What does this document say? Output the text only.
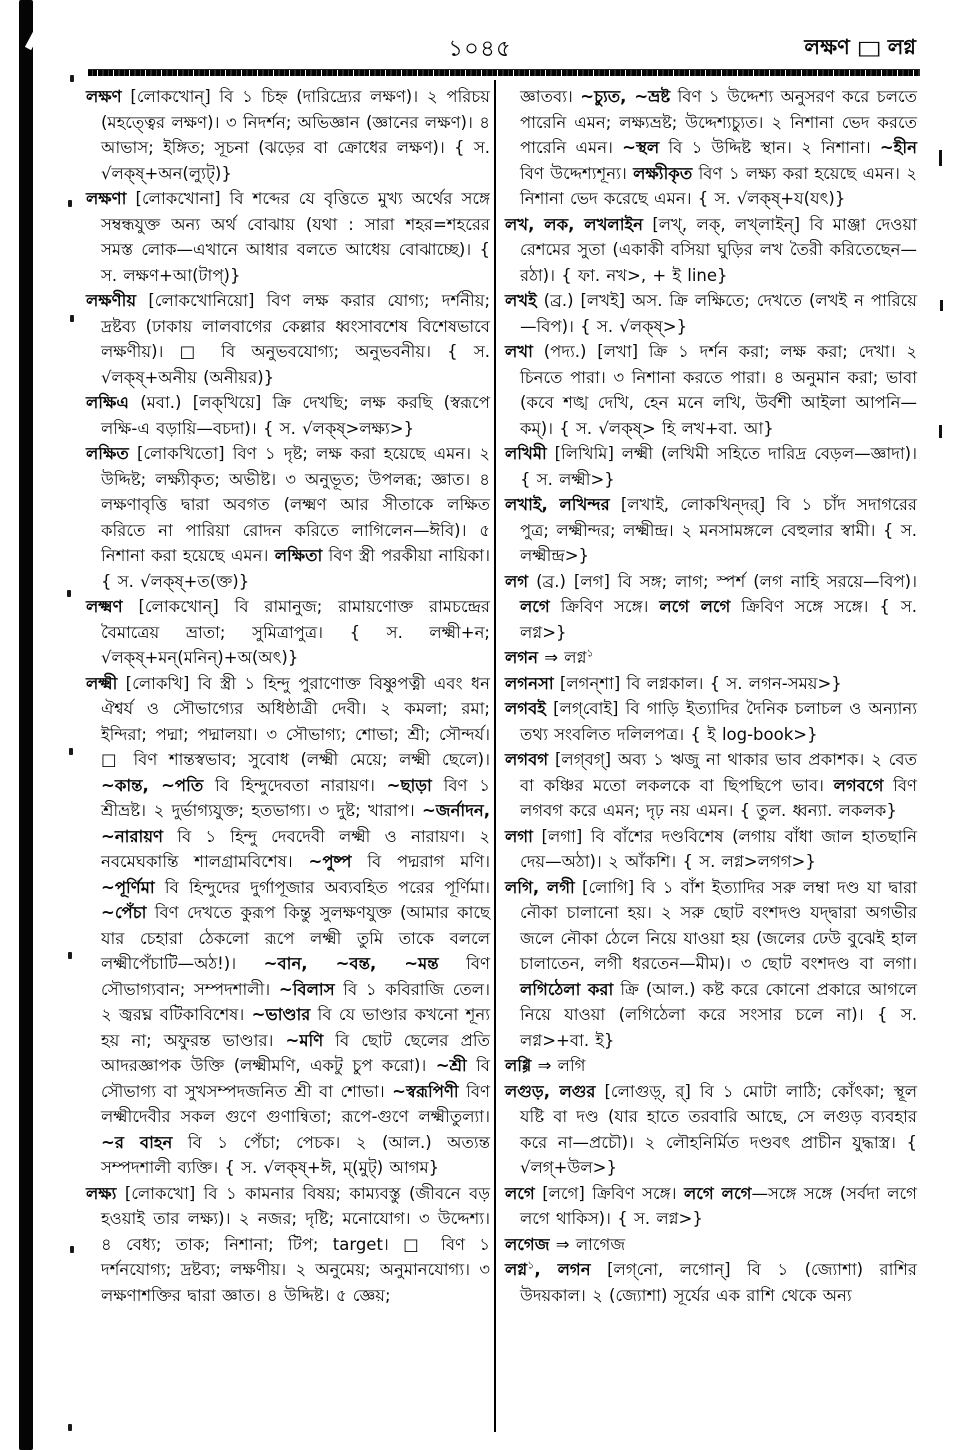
১০৪৫	লক্ষণ □ লগ্ন

লক্ষণ [লোকখোন্] বি ১ চিহ্ন (দারিদ্র্যের লক্ষণ)। ২ পরিচয় (মহত্ত্বের লক্ষণ)। ৩ নিদর্শন; অভিজ্ঞান (জ্ঞানের লক্ষণ)। ৪ আভাস; ইঙ্গিত; সূচনা (ঝড়ের বা ক্রোধের লক্ষণ)। { স. √লক্ষ্+অন(ল্যুট্)}

লক্ষণা [লোকখোনা] বি শব্দের যে বৃত্তিতে মুখ্য অর্থের সঙ্গে সম্বন্ধযুক্ত অন্য অর্থ বোঝায় (যথা : সারা শহর=শহরের সমস্ত লোক—এখানে আধার বলতে আধেয় বোঝাচ্ছে)। { স. লক্ষণ+আ(টাপ্)}

লক্ষণীয় [লোকখোনিয়ো] বিণ লক্ষ করার যোগ্য; দর্শনীয়; দ্রষ্টব্য (ঢাকায় লালবাগের কেল্লার ধ্বংসাবশেষ বিশেষভাবে লক্ষণীয়)। □ বি অনুভবযোগ্য; অনুভবনীয়। { স. √লক্ষ্+অনীয় (অনীয়র)}

লক্ষিএ (মবা.) [লক্‌খিয়ে] ক্রি দেখছি; লক্ষ করছি (স্বরূপে লক্ষি-এ বড়ায়ি—বচদা)। { স. √লক্ষ্>লক্ষ্য>}

লক্ষিত [লোকখিতো] বিণ ১ দৃষ্ট; লক্ষ করা হয়েছে এমন। ২ উদ্দিষ্ট; লক্ষ্যীকৃত; অভীষ্ট। ৩ অনুভূত; উপলব্ধ; জ্ঞাত। ৪ লক্ষণাবৃত্তি দ্বারা অবগত (লক্ষ্মণ আর সীতাকে লক্ষিত করিতে না পারিয়া রোদন করিতে লাগিলেন—ঈবি)। ৫ নিশানা করা হয়েছে এমন। লক্ষিতা বিণ স্ত্রী পরকীয়া নায়িকা। { স. √লক্ষ্+ত(ক্ত)}

লক্ষ্মণ [লোকখোন্] বি রামানুজ; রামায়ণোক্ত রামচন্দ্রের বৈমাত্রেয় ভ্রাতা; সুমিত্রাপুত্র। { স. লক্ষ্মী+ন; √লক্ষ্+মন্(মনিন্)+অ(অৎ)}

লক্ষ্মী [লোকখি] বি স্ত্রী ১ হিন্দু পুরাণোক্ত বিষ্ণুপত্নী এবং ধন ঐশ্বর্য ও সৌভাগ্যের অধিষ্ঠাত্রী দেবী। ২ কমলা; রমা; ইন্দিরা; পদ্মা; পদ্মালয়া। ৩ সৌভাগ্য; শোভা; শ্রী; সৌন্দর্য। □ বিণ শান্তস্বভাব; সুবোধ (লক্ষ্মী মেয়ে; লক্ষ্মী ছেলে)। ~কান্ত, ~পতি বি হিন্দুদেবতা নারায়ণ। ~ছাড়া বিণ ১ শ্রীভ্রষ্ট। ২ দুর্ভাগ্যযুক্ত; হতভাগ্য। ৩ দুষ্ট; খারাপ। ~জর্নাদন, ~নারায়ণ বি ১ হিন্দু দেবদেবী লক্ষ্মী ও নারায়ণ। ২ নবমেঘকান্তি শালগ্রামবিশেষ। ~পুষ্প বি পদ্মরাগ মণি। ~পূর্ণিমা বি হিন্দুদের দুর্গাপূজার অব্যবহিত পরের পূর্ণিমা। ~পেঁচা বিণ দেখতে কুরূপ কিন্তু সুলক্ষণযুক্ত (আমার কাছে যার চেহারা ঠেকলো রূপে লক্ষ্মী তুমি তাকে বললে লক্ষ্মীপেঁচাটি—অঠ!)। ~বান, ~বন্ত, ~মন্ত বিণ সৌভাগ্যবান; সম্পদশালী। ~বিলাস বি ১ কবিরাজি তেল। ২ জ্বরঘ্ন বটিকাবিশেষ। ~ভাণ্ডার বি যে ভাণ্ডার কখনো শূন্য হয় না; অফুরন্ত ভাণ্ডার। ~মণি বি ছোট ছেলের প্রতি আদরজ্ঞাপক উক্তি (লক্ষ্মীমণি, একটু চুপ করো)। ~শ্রী বি সৌভাগ্য বা সুখসম্পদজনিত শ্রী বা শোভা। ~স্বরূপিণী বিণ লক্ষ্মীদেবীর সকল গুণে গুণান্বিতা; রূপে-গুণে লক্ষ্মীতুল্যা। ~র বাহন বি ১ পেঁচা; পেচক। ২ (আল.) অত্যন্ত সম্পদশালী ব্যক্তি। { স. √লক্ষ্+ঈ, ম্(মুট্) আগম}

লক্ষ্য [লোকখো] বি ১ কামনার বিষয়; কাম্যবস্তু (জীবনে বড় হওয়াই তার লক্ষ্য)। ২ নজর; দৃষ্টি; মনোযোগ। ৩ উদ্দেশ্য। ৪ বেধ্য; তাক; নিশানা; টিপ; target। □ বিণ ১ দর্শনযোগ্য; দ্রষ্টব্য; লক্ষণীয়। ২ অনুমেয়; অনুমানযোগ্য। ৩ লক্ষণাশক্তির দ্বারা জ্ঞাত। ৪ উদ্দিষ্ট। ৫ জ্ঞেয়;

জ্ঞাতব্য। ~চ্যুত, ~ভ্রষ্ট বিণ ১ উদ্দেশ্য অনুসরণ করে চলতে পারেনি এমন; লক্ষ্যভ্রষ্ট; উদ্দেশ্যচ্যুত। ২ নিশানা ভেদ করতে পারেনি এমন। ~স্থল বি ১ উদ্দিষ্ট স্থান। ২ নিশানা। ~হীন বিণ উদ্দেশ্যশূন্য। লক্ষ্যীকৃত বিণ ১ লক্ষ্য করা হয়েছে এমন। ২ নিশানা ভেদ করেছে এমন। { স. √লক্ষ্+য(যৎ)}

লখ, লক, লখলাইন [লখ্, লক্, লখ্‌লাইন্] বি মাঞ্জা দেওয়া রেশমের সুতা (একাকী বসিয়া ঘুড়ির লখ তৈরী করিতেছেন—রঠা)। { ফা. নখ>, + ই line}

লখই (ব্র.) [লখই] অস. ক্রি লক্ষিতে; দেখতে (লখই ন পারিয়ে—বিপ)। { স. √লক্ষ্>}

লখা (পদ্য.) [লখা] ক্রি ১ দর্শন করা; লক্ষ করা; দেখা। ২ চিনতে পারা। ৩ নিশানা করতে পারা। ৪ অনুমান করা; ভাবা (কবে শঙ্খ দেখি, হেন মনে লখি, উর্বশী আইলা আপনি—কম্)। { স. √লক্ষ্> হি লখ+বা. আ}

লখিমী [লিখিমি] লক্ষ্মী (লখিমী সহিতে দারিদ্র বেড়ল—জ্ঞাদা)। { স. লক্ষ্মী>}

লখাই, লখিন্দর [লখাই, লোকখিন্‌দর্] বি ১ চাঁদ সদাগরের পুত্র; লক্ষ্মীন্দর; লক্ষ্মীন্দ্র। ২ মনসামঙ্গলে বেহুলার স্বামী। { স. লক্ষ্মীন্দ্র>}

লগ (ব্র.) [লগ] বি সঙ্গ; লাগ; স্পর্শ (লগ নাহি সরয়ে—বিপ)। লগে ক্রিবিণ সঙ্গে। লগে লগে ক্রিবিণ সঙ্গে সঙ্গে। { স. লগ্ন>}

লগন ⇒ লগ্ন$^১$

লগনসা [লগন্‌শা] বি লগ্নকাল। { স. লগন-সময়>}

লগবই [লগ্‌বোই] বি গাড়ি ইত্যাদির দৈনিক চলাচল ও অন্যান্য তথ্য সংবলিত দলিলপত্র। { ই log-book>}

লগবগ [লগ্‌বগ্] অব্য ১ ঋজু না থাকার ভাব প্রকাশক। ২ বেত বা কঞ্চির মতো লকলকে বা ছিপছিপে ভাব। লগবগে বিণ লগবগ করে এমন; দৃঢ় নয় এমন। { তুল. ধ্বন্যা. লকলক}

লগা [লগা] বি বাঁশের দণ্ডবিশেষ (লগায় বাঁধা জাল হাতছানি দেয়—অঠা)। ২ আঁকশি। { স. লগ্ন>লগগ>}

লগি, লগী [লোগি] বি ১ বাঁশ ইত্যাদির সরু লম্বা দণ্ড যা দ্বারা নৌকা চালানো হয়। ২ সরু ছোট বংশদণ্ড যদ্দ্বারা অগভীর জলে নৌকা ঠেলে নিয়ে যাওয়া হয় (জলের ঢেউ বুঝেই হাল চালাতেন, লগী ধরতেন—মীম)। ৩ ছোট বংশদণ্ড বা লগা। লগিঠেলা করা ক্রি (আল.) কষ্ট করে কোনো প্রকারে আগলে নিয়ে যাওয়া (লগিঠেলা করে সংসার চলে না)। { স. লগ্ন>+বা. ই}

লগ্গি ⇒ লগি

লগুড়, লগুর [লোগুড়্, র্] বি ১ মোটা লাঠি; কোঁৎকা; স্থূল যষ্টি বা দণ্ড (যার হাতে তরবারি আছে, সে লগুড় ব্যবহার করে না—প্রচৌ)। ২ লৌহনির্মিত দণ্ডবৎ প্রাচীন যুদ্ধাস্ত্র। { √লগ্+উল>}

লগে [লগে] ক্রিবিণ সঙ্গে। লগে লগে—সঙ্গে সঙ্গে (সর্বদা লগে লগে থাকিস)। { স. লগ্ন>}

লগেজ ⇒ লাগেজ

লগ্ন$^১$, লগন [লগ্‌নো, লগোন্] বি ১ (জ্যোশা) রাশির উদয়কাল। ২ (জ্যোশা) সূর্যের এক রাশি থেকে অন্য
